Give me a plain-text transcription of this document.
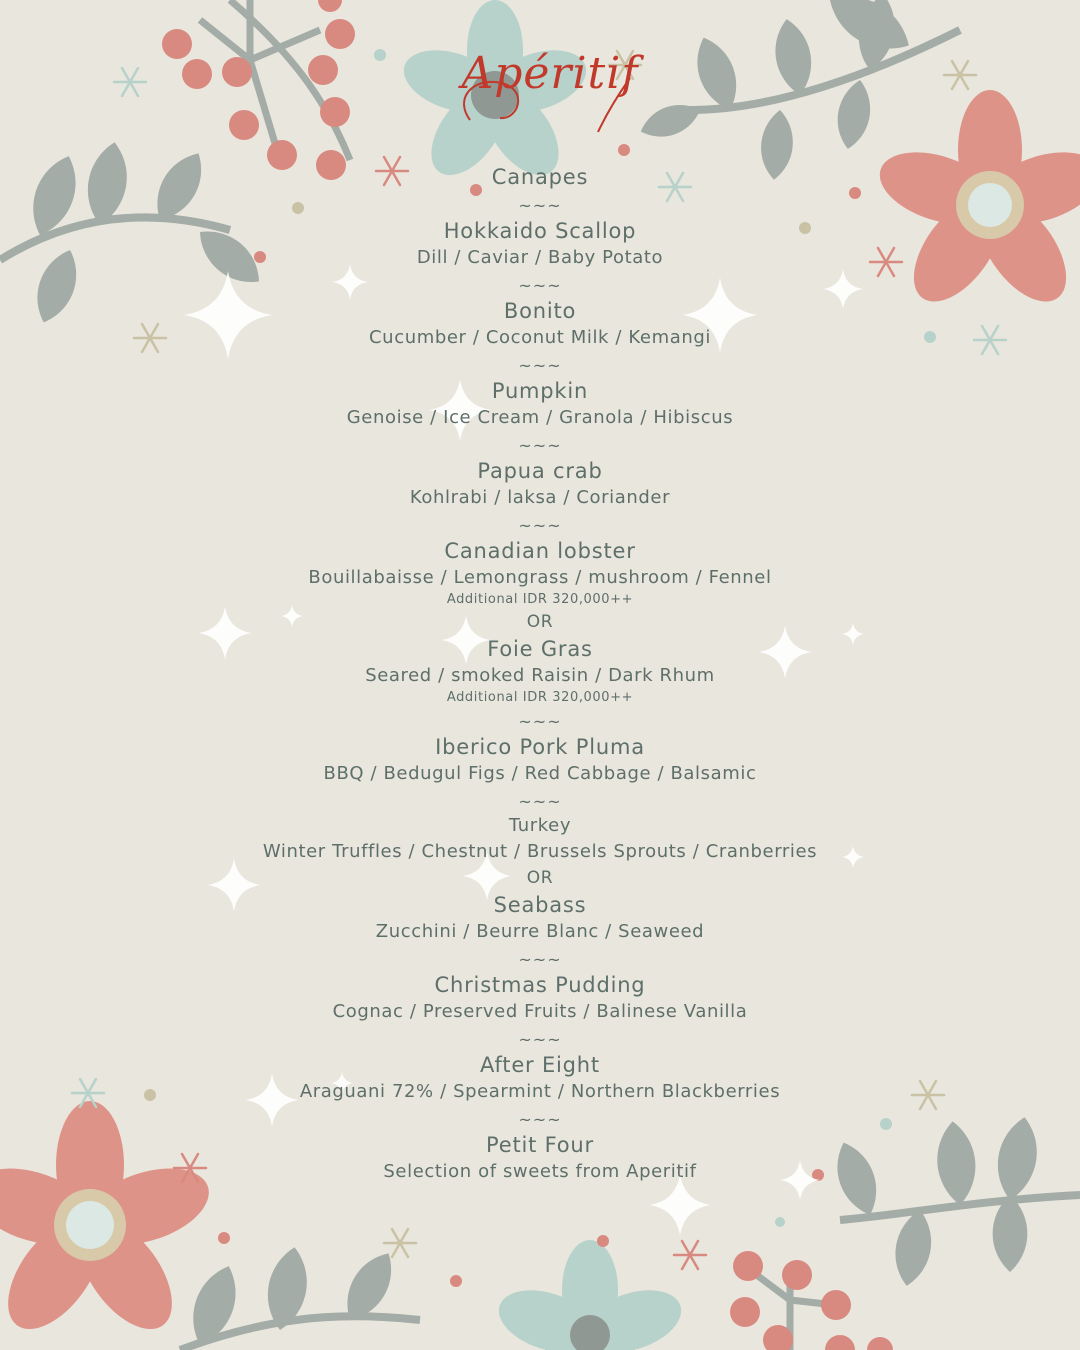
Apéritif
Canapes
~~~
Hokkaido Scallop
Dill / Caviar / Baby Potato
~~~
Bonito
Cucumber / Coconut Milk / Kemangi
~~~
Pumpkin
Genoise / Ice Cream / Granola / Hibiscus
~~~
Papua crab
Kohlrabi / laksa / Coriander
~~~
Canadian lobster
Bouillabaisse / Lemongrass / mushroom / Fennel
Additional IDR 320,000++
OR
Foie Gras
Seared / smoked Raisin / Dark Rhum
Additional IDR 320,000++
~~~
Iberico Pork Pluma
BBQ / Bedugul Figs / Red Cabbage / Balsamic
~~~
Turkey
Winter Truffles / Chestnut / Brussels Sprouts / Cranberries
OR
Seabass
Zucchini / Beurre Blanc / Seaweed
~~~
Christmas Pudding
Cognac / Preserved Fruits / Balinese Vanilla
~~~
After Eight
Araguani 72% / Spearmint / Northern Blackberries
~~~
Petit Four
Selection of sweets from Aperitif
